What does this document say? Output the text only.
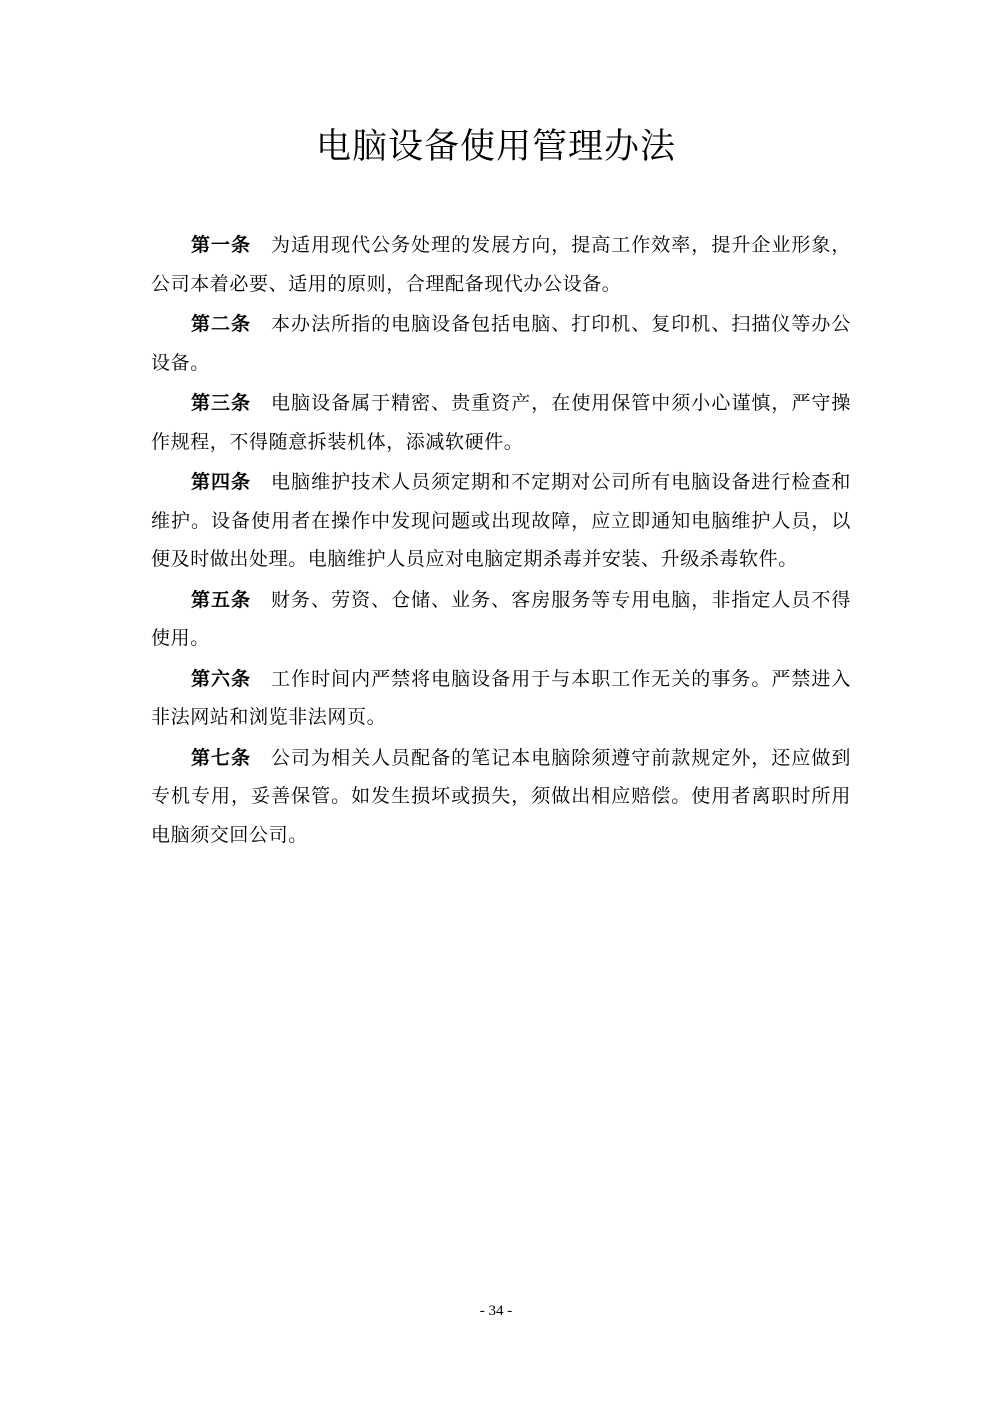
电脑设备使用管理办法

第一条 为适用现代公务处理的发展方向，提高工作效率，提升企业形象，公司本着必要、适用的原则，合理配备现代办公设备。

第二条 本办法所指的电脑设备包括电脑、打印机、复印机、扫描仪等办公设备。

第三条 电脑设备属于精密、贵重资产，在使用保管中须小心谨慎，严守操作规程，不得随意拆装机体，添减软硬件。

第四条 电脑维护技术人员须定期和不定期对公司所有电脑设备进行检查和维护。设备使用者在操作中发现问题或出现故障，应立即通知电脑维护人员，以便及时做出处理。电脑维护人员应对电脑定期杀毒并安装、升级杀毒软件。

第五条 财务、劳资、仓储、业务、客房服务等专用电脑，非指定人员不得使用。

第六条 工作时间内严禁将电脑设备用于与本职工作无关的事务。严禁进入非法网站和浏览非法网页。

第七条 公司为相关人员配备的笔记本电脑除须遵守前款规定外，还应做到专机专用，妥善保管。如发生损坏或损失，须做出相应赔偿。使用者离职时所用电脑须交回公司。

- 34 -
